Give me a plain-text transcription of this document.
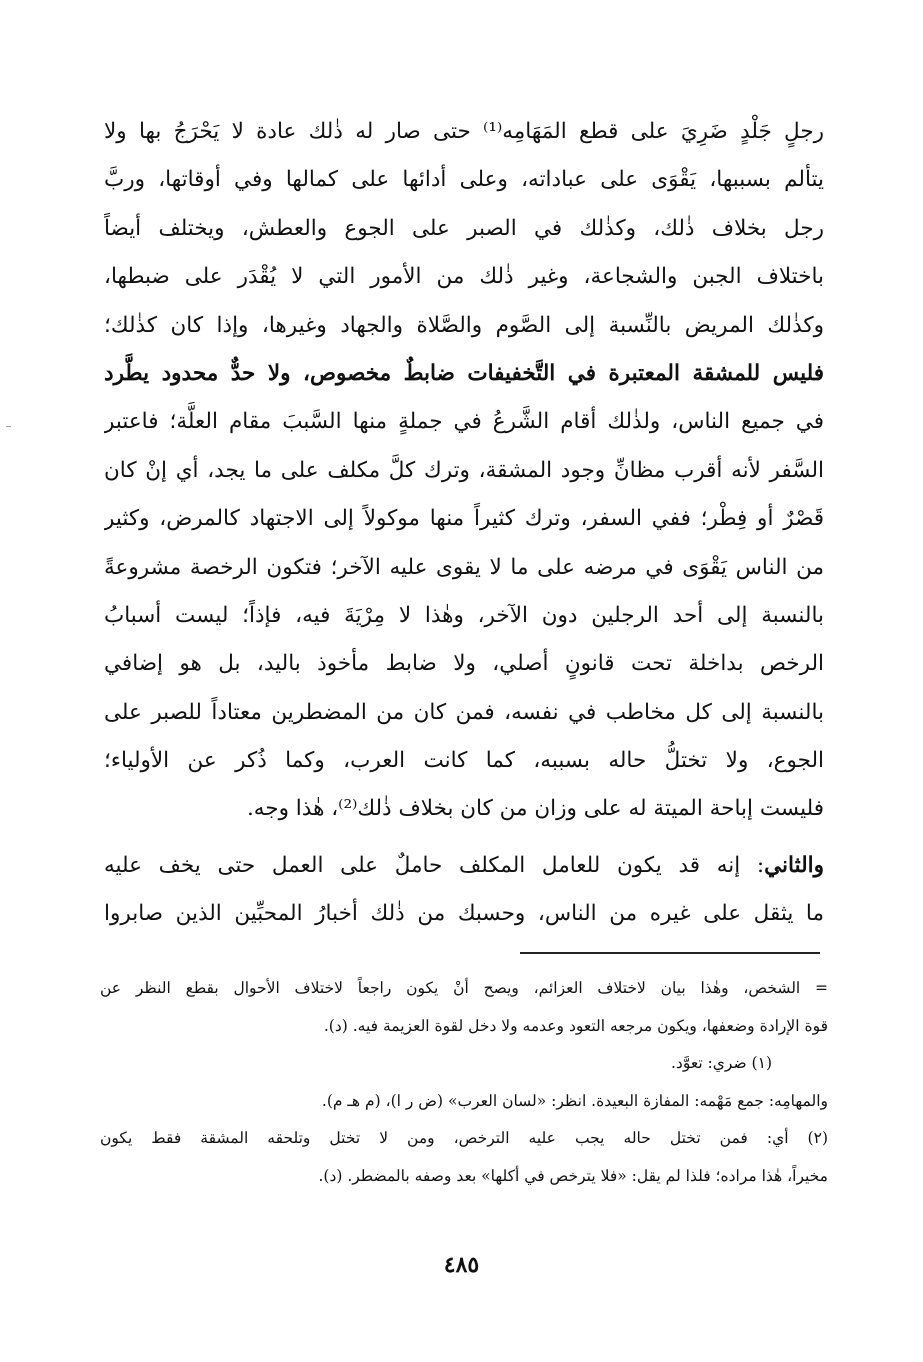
رجلٍ جَلْدٍ ضَرِيَ على قطع المَهَامِه⁽¹⁾ حتى صار له ذٰلك عادة لا يَحْرَجُ بها ولا
يتألم بسببها، يَقْوَى على عباداته، وعلى أدائها على كمالها وفي أوقاتها، وربَّ
رجل بخلاف ذٰلك، وكذٰلك في الصبر على الجوع والعطش، ويختلف أيضاً
باختلاف الجبن والشجاعة، وغير ذٰلك من الأمور التي لا يُقْدَر على ضبطها،
وكذٰلك المريض بالنِّسبة إلى الصَّوم والصَّلاة والجهاد وغيرها، وإذا كان كذٰلك؛
فليس للمشقة المعتبرة في التَّخفيفات ضابطٌ مخصوص، ولا حدٌّ محدود يطَّرد
في جميع الناس، ولذٰلك أقام الشَّرعُ في جملةٍ منها السَّببَ مقام العلَّة؛ فاعتبر
السَّفر لأنه أقرب مظانِّ وجود المشقة، وترك كلَّ مكلف على ما يجد، أي إنْ كان
قَصْرٌ أو فِطْر؛ ففي السفر، وترك كثيراً منها موكولاً إلى الاجتهاد كالمرض، وكثير
من الناس يَقْوَى في مرضه على ما لا يقوى عليه الآخر؛ فتكون الرخصة مشروعةً
بالنسبة إلى أحد الرجلين دون الآخر، وهٰذا لا مِرْيَةَ فيه، فإذاً؛ ليست أسبابُ
الرخص بداخلة تحت قانونٍ أصلي، ولا ضابط مأخوذ باليد، بل هو إضافي
بالنسبة إلى كل مخاطب في نفسه، فمن كان من المضطرين معتاداً للصبر على
الجوع، ولا تختلُّ حاله بسببه، كما كانت العرب، وكما ذُكر عن الأولياء؛
فليست إباحة الميتة له على وزان من كان بخلاف ذٰلك⁽²⁾، هٰذا وجه.
والثاني: إنه قد يكون للعامل المكلف حاملٌ على العمل حتى يخف عليه
ما يثقل على غيره من الناس، وحسبك من ذٰلك أخبارُ المحبِّين الذين صابروا
= الشخص، وهٰذا بيان لاختلاف العزائم، ويصح أنْ يكون راجعاً لاختلاف الأحوال بقطع النظر عن
قوة الإرادة وضعفها، ويكون مرجعه التعود وعدمه ولا دخل لقوة العزيمة فيه. (د).
(١) ضري: تعوَّد.
والمهامِه: جمع مَهْمه: المفازة البعيدة. انظر: «لسان العرب» (ض ر ا)، (م هـ م).
(٢) أي: فمن تختل حاله يجب عليه الترخص، ومن لا تختل وتلحقه المشقة فقط يكون
مخيراً، هٰذا مراده؛ فلذا لم يقل: «فلا يترخص في أكلها» بعد وصفه بالمضطر. (د).
٤٨٥
